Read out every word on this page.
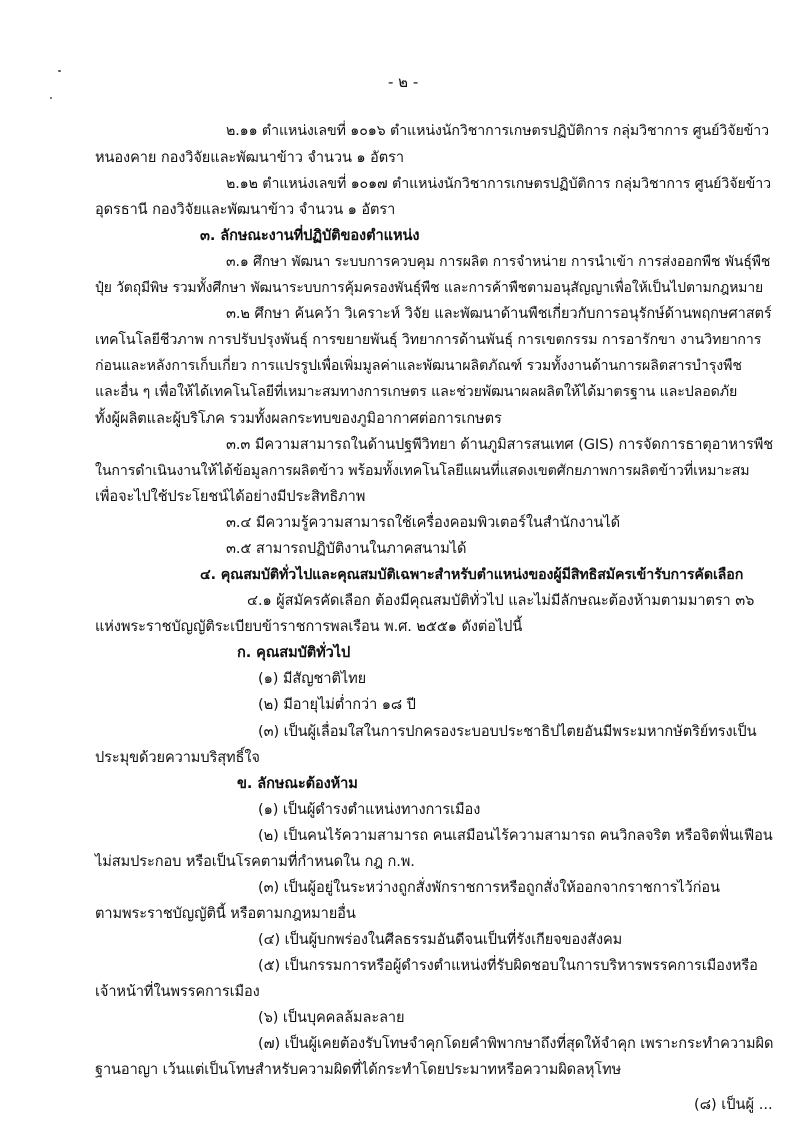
- ๒ -
๒.๑๑ ตำแหน่งเลขที่ ๑๐๑๖ ตำแหน่งนักวิชาการเกษตรปฏิบัติการ กลุ่มวิชาการ ศูนย์วิจัยข้าว
หนองคาย กองวิจัยและพัฒนาข้าว จำนวน ๑ อัตรา
๒.๑๒ ตำแหน่งเลขที่ ๑๐๑๗ ตำแหน่งนักวิชาการเกษตรปฏิบัติการ กลุ่มวิชาการ ศูนย์วิจัยข้าว
อุดรธานี กองวิจัยและพัฒนาข้าว จำนวน ๑ อัตรา
๓. ลักษณะงานที่ปฏิบัติของตำแหน่ง
๓.๑ ศึกษา พัฒนา ระบบการควบคุม การผลิต การจำหน่าย การนำเข้า การส่งออกพืช พันธุ์พืช
ปุ๋ย วัตถุมีพิษ รวมทั้งศึกษา พัฒนาระบบการคุ้มครองพันธุ์พืช และการค้าพืชตามอนุสัญญาเพื่อให้เป็นไปตามกฎหมาย
๓.๒ ศึกษา ค้นคว้า วิเคราะห์ วิจัย และพัฒนาด้านพืชเกี่ยวกับการอนุรักษ์ด้านพฤกษศาสตร์
เทคโนโลยีชีวภาพ การปรับปรุงพันธุ์ การขยายพันธุ์ วิทยาการด้านพันธุ์ การเขตกรรม การอารักขา งานวิทยาการ
ก่อนและหลังการเก็บเกี่ยว การแปรรูปเพื่อเพิ่มมูลค่าและพัฒนาผลิตภัณฑ์ รวมทั้งงานด้านการผลิตสารบำรุงพืช
และอื่น ๆ เพื่อให้ได้เทคโนโลยีที่เหมาะสมทางการเกษตร และช่วยพัฒนาผลผลิตให้ได้มาตรฐาน และปลอดภัย
ทั้งผู้ผลิตและผู้บริโภค รวมทั้งผลกระทบของภูมิอากาศต่อการเกษตร
๓.๓ มีความสามารถในด้านปฐพีวิทยา ด้านภูมิสารสนเทศ (GIS) การจัดการธาตุอาหารพืช
ในการดำเนินงานให้ได้ข้อมูลการผลิตข้าว พร้อมทั้งเทคโนโลยีแผนที่แสดงเขตศักยภาพการผลิตข้าวที่เหมาะสม
เพื่อจะไปใช้ประโยชน์ได้อย่างมีประสิทธิภาพ
๓.๔ มีความรู้ความสามารถใช้เครื่องคอมพิวเตอร์ในสำนักงานได้
๓.๕ สามารถปฏิบัติงานในภาคสนามได้
๔. คุณสมบัติทั่วไปและคุณสมบัติเฉพาะสำหรับตำแหน่งของผู้มีสิทธิสมัครเข้ารับการคัดเลือก
๔.๑ ผู้สมัครคัดเลือก ต้องมีคุณสมบัติทั่วไป และไม่มีลักษณะต้องห้ามตามมาตรา ๓๖
แห่งพระราชบัญญัติระเบียบข้าราชการพลเรือน พ.ศ. ๒๕๕๑ ดังต่อไปนี้
ก. คุณสมบัติทั่วไป
(๑) มีสัญชาติไทย
(๒) มีอายุไม่ต่ำกว่า ๑๘ ปี
(๓) เป็นผู้เลื่อมใสในการปกครองระบอบประชาธิปไตยอันมีพระมหากษัตริย์ทรงเป็น
ประมุขด้วยความบริสุทธิ์ใจ
ข. ลักษณะต้องห้าม
(๑) เป็นผู้ดำรงตำแหน่งทางการเมือง
(๒) เป็นคนไร้ความสามารถ คนเสมือนไร้ความสามารถ คนวิกลจริต หรือจิตฟั่นเฟือน
ไม่สมประกอบ หรือเป็นโรคตามที่กำหนดใน กฎ ก.พ.
(๓) เป็นผู้อยู่ในระหว่างถูกสั่งพักราชการหรือถูกสั่งให้ออกจากราชการไว้ก่อน
ตามพระราชบัญญัตินี้ หรือตามกฎหมายอื่น
(๔) เป็นผู้บกพร่องในศีลธรรมอันดีจนเป็นที่รังเกียจของสังคม
(๕) เป็นกรรมการหรือผู้ดำรงตำแหน่งที่รับผิดชอบในการบริหารพรรคการเมืองหรือ
เจ้าหน้าที่ในพรรคการเมือง
(๖) เป็นบุคคลล้มละลาย
(๗) เป็นผู้เคยต้องรับโทษจำคุกโดยคำพิพากษาถึงที่สุดให้จำคุก เพราะกระทำความผิด
ฐานอาญา เว้นแต่เป็นโทษสำหรับความผิดที่ได้กระทำโดยประมาทหรือความผิดลหุโทษ
(๘) เป็นผู้ ...
